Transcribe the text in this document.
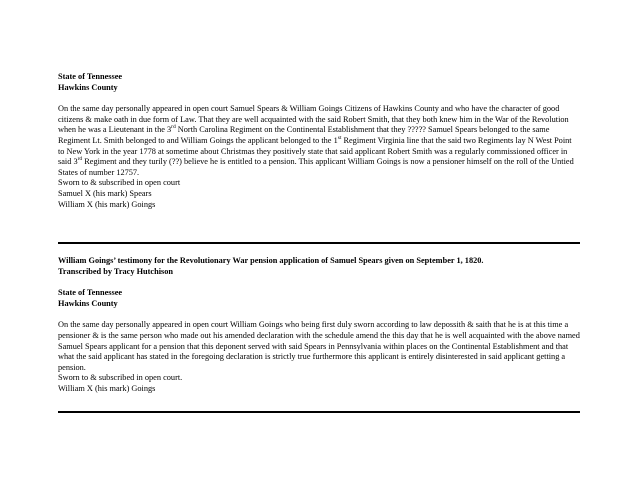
State of Tennessee
Hawkins County

On the same day personally appeared in open court Samuel Spears & William Goings Citizens of Hawkins County and who have the character of good citizens & make oath in due form of Law. That they are well acquainted with the said Robert Smith, that they both knew him in the War of the Revolution when he was a Lieutenant in the 3rd North Carolina Regiment on the Continental Establishment that they ????? Samuel Spears belonged to the same Regiment Lt. Smith belonged to and William Goings the applicant belonged to the 1st Regiment Virginia line that the said two Regiments lay N West Point to New York in the year 1778 at sometime about Christmas they positively state that said applicant Robert Smith was a regularly commissioned officer in said 3rd Regiment and they turily (??) believe he is entitled to a pension. This applicant William Goings is now a pensioner himself on the roll of the Untied States of number 12757.

Sworn to & subscribed in open court
Samuel X (his mark) Spears
William X (his mark) Goings
William Goings’ testimony for the Revolutionary War pension application of Samuel Spears given on September 1, 1820.
Transcribed by Tracy Hutchison
State of Tennessee
Hawkins County

On the same day personally appeared in open court William Goings who being first duly sworn according to law depossith & saith that he is at this time a pensioner & is the same person who made out his amended declaration with the schedule amend the this day that he is well acquainted with the above named Samuel Spears applicant for a pension that this deponent served with said Spears in Pennsylvania within places on the Continental Establishment and that what the said applicant has stated in the foregoing declaration is strictly true furthermore this applicant is entirely disinterested in said applicant getting a pension.

Sworn to & subscribed in open court.
William X (his mark) Goings
